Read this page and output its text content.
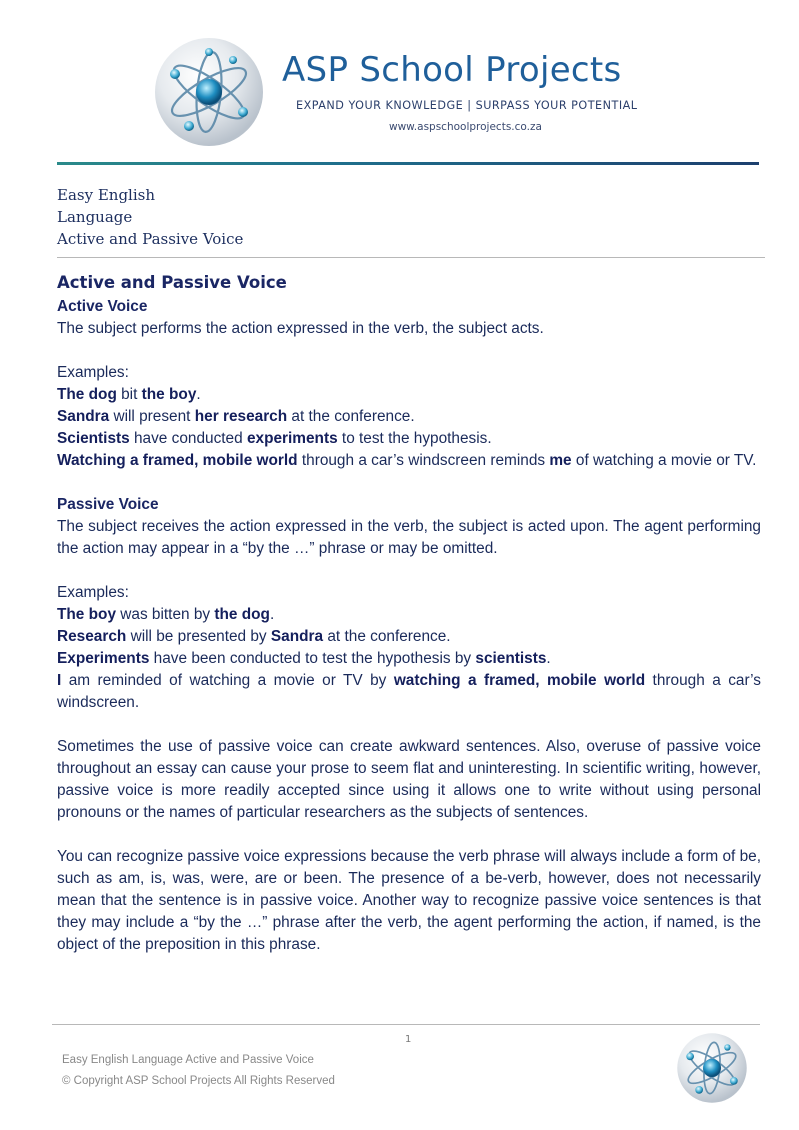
ASP School Projects
EXPAND YOUR KNOWLEDGE | SURPASS YOUR POTENTIAL
www.aspschoolprojects.co.za
Easy English
Language
Active and Passive Voice

Active and Passive Voice

Active Voice

The subject performs the action expressed in the verb, the subject acts.

Examples:

The dog bit the boy.

Sandra will present her research at the conference.

Scientists have conducted experiments to test the hypothesis.

Watching a framed, mobile world through a car’s windscreen reminds me of watching a movie or TV.

Passive Voice

The subject receives the action expressed in the verb, the subject is acted upon. The agent performing the action may appear in a “by the …” phrase or may be omitted.

Examples:

The boy was bitten by the dog.

Research will be presented by Sandra at the conference.

Experiments have been conducted to test the hypothesis by scientists.

I am reminded of watching a movie or TV by watching a framed, mobile world through a car’s windscreen.

Sometimes the use of passive voice can create awkward sentences. Also, overuse of passive voice throughout an essay can cause your prose to seem flat and uninteresting. In scientific writing, however, passive voice is more readily accepted since using it allows one to write without using personal pronouns or the names of particular researchers as the subjects of sentences.

You can recognize passive voice expressions because the verb phrase will always include a form of be, such as am, is, was, were, are or been. The presence of a be-verb, however, does not necessarily mean that the sentence is in passive voice. Another way to recognize passive voice sentences is that they may include a “by the …” phrase after the verb, the agent performing the action, if named, is the object of the preposition in this phrase.

1
Easy English Language Active and Passive Voice
© Copyright ASP School Projects All Rights Reserved
